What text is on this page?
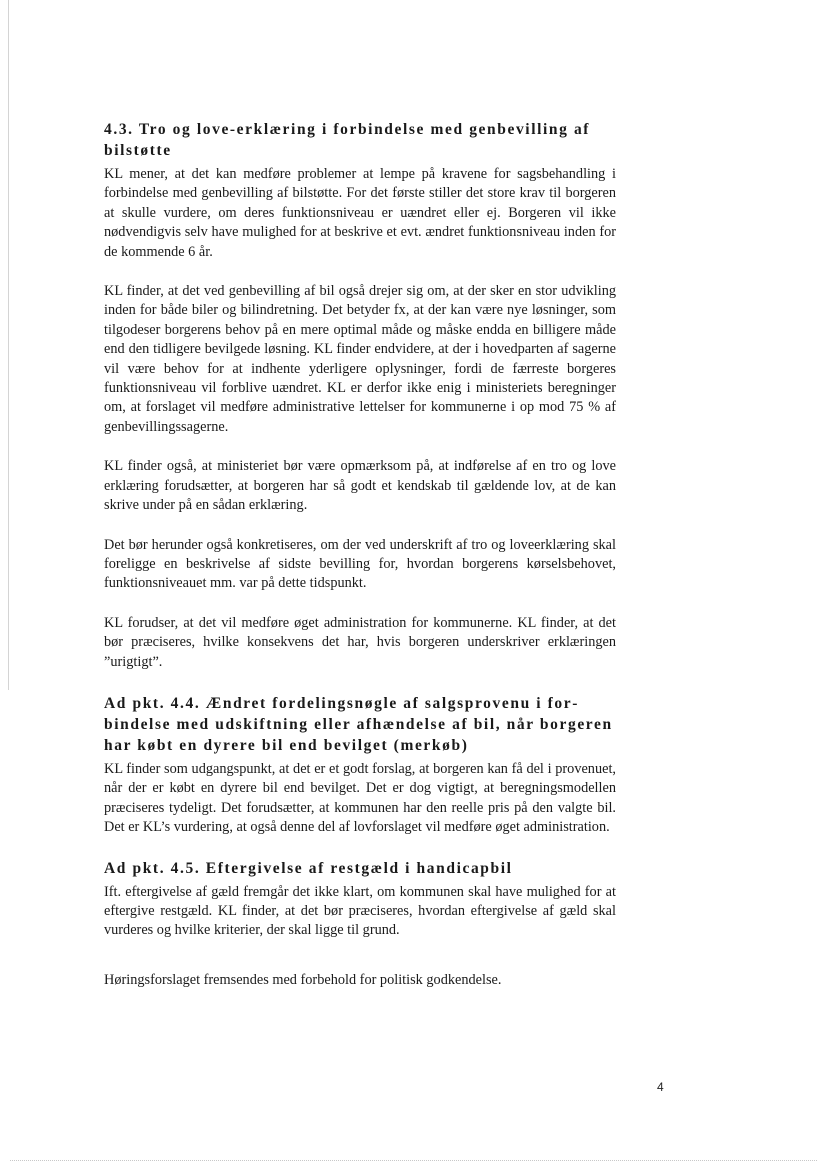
4.3. Tro og love-erklæring i forbindelse med genbevilling af bilstøtte

KL mener, at det kan medføre problemer at lempe på kravene for sagsbehandling i forbindelse med genbevilling af bilstøtte. For det første stiller det store krav til borgeren at skulle vurdere, om deres funktionsniveau er uændret eller ej. Borgeren vil ikke nødvendigvis selv have mulighed for at beskrive et evt. ændret funktionsniveau inden for de kommende 6 år.

KL finder, at det ved genbevilling af bil også drejer sig om, at der sker en stor udvikling inden for både biler og bilindretning. Det betyder fx, at der kan være nye løsninger, som tilgodeser borgerens behov på en mere optimal måde og måske endda en billigere måde end den tidligere bevilgede løsning. KL finder endvidere, at der i hovedparten af sagerne vil være behov for at indhente yderligere oplysninger, fordi de færreste borgeres funktionsniveau vil forblive uændret. KL er derfor ikke enig i ministeriets beregninger om, at forslaget vil medføre administrative lettelser for kommunerne i op mod 75 % af genbevillingssagerne.

KL finder også, at ministeriet bør være opmærksom på, at indførelse af en tro og love erklæring forudsætter, at borgeren har så godt et kendskab til gældende lov, at de kan skrive under på en sådan erklæring.

Det bør herunder også konkretiseres, om der ved underskrift af tro og loveerklæring skal foreligge en beskrivelse af sidste bevilling for, hvordan borgerens kørselsbehovet, funktionsniveauet mm. var på dette tidspunkt.

KL forudser, at det vil medføre øget administration for kommunerne. KL finder, at det bør præciseres, hvilke konsekvens det har, hvis borgeren underskriver erklæringen ”urigtigt”.

Ad pkt. 4.4. Ændret fordelingsnøgle af salgsprovenu i forbindelse med udskiftning eller afhændelse af bil, når borgeren har købt en dyrere bil end bevilget (merkøb)

KL finder som udgangspunkt, at det er et godt forslag, at borgeren kan få del i provenuet, når der er købt en dyrere bil end bevilget. Det er dog vigtigt, at beregningsmodellen præciseres tydeligt. Det forudsætter, at kommunen har den reelle pris på den valgte bil. Det er KL’s vurdering, at også denne del af lovforslaget vil medføre øget administration.

Ad pkt. 4.5. Eftergivelse af restgæld i handicapbil

Ift. eftergivelse af gæld fremgår det ikke klart, om kommunen skal have mulighed for at eftergive restgæld. KL finder, at det bør præciseres, hvordan eftergivelse af gæld skal vurderes og hvilke kriterier, der skal ligge til grund.

Høringsforslaget fremsendes med forbehold for politisk godkendelse.

4
